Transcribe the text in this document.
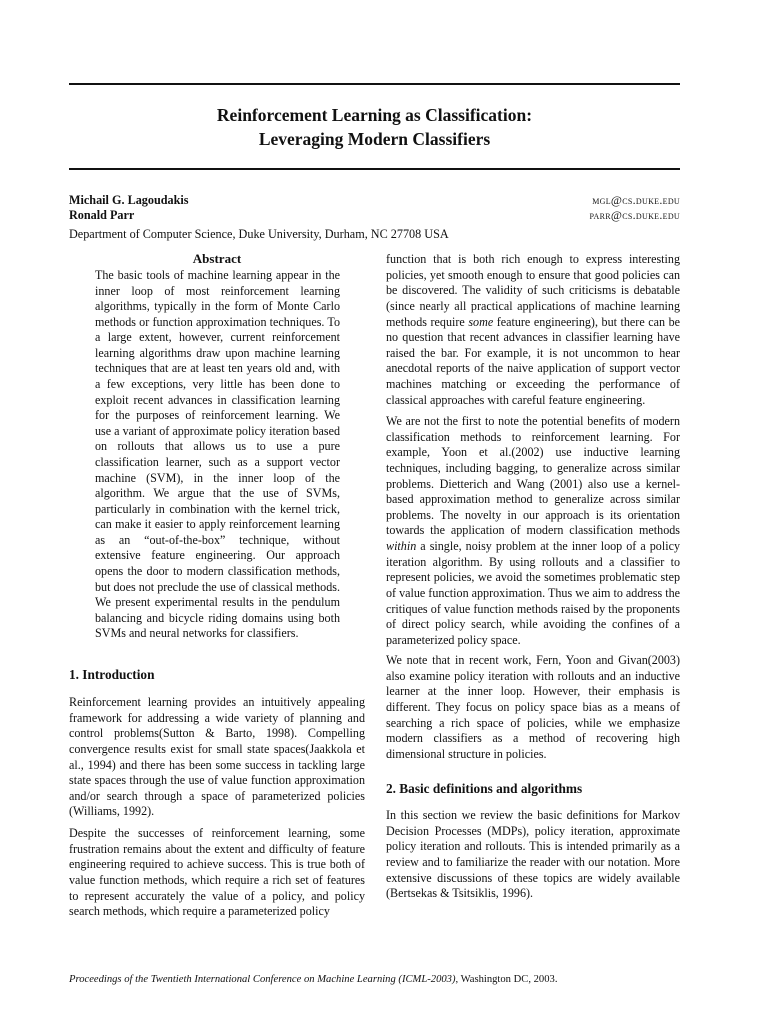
Reinforcement Learning as Classification:
Leveraging Modern Classifiers
Michail G. Lagoudakis	mgl@cs.duke.edu
Ronald Parr	parr@cs.duke.edu
Department of Computer Science, Duke University, Durham, NC 27708 USA
Abstract

The basic tools of machine learning appear in the inner loop of most reinforcement learning algorithms, typically in the form of Monte Carlo methods or function approximation techniques. To a large extent, however, current reinforcement learning algorithms draw upon machine learning techniques that are at least ten years old and, with a few exceptions, very little has been done to exploit recent advances in classification learning for the purposes of reinforcement learning. We use a variant of approximate policy iteration based on rollouts that allows us to use a pure classification learner, such as a support vector machine (SVM), in the inner loop of the algorithm. We argue that the use of SVMs, particularly in combination with the kernel trick, can make it easier to apply reinforcement learning as an “out-of-the-box” technique, without extensive feature engineering. Our approach opens the door to modern classification methods, but does not preclude the use of classical methods. We present experimental results in the pendulum balancing and bicycle riding domains using both SVMs and neural networks for classifiers.

1. Introduction

Reinforcement learning provides an intuitively appealing framework for addressing a wide variety of planning and control problems(Sutton & Barto, 1998). Compelling convergence results exist for small state spaces(Jaakkola et al., 1994) and there has been some success in tackling large state spaces through the use of value function approximation and/or search through a space of parameterized policies (Williams, 1992).

Despite the successes of reinforcement learning, some frustration remains about the extent and difficulty of feature engineering required to achieve success. This is true both of value function methods, which require a rich set of features to represent accurately the value of a policy, and policy search methods, which require a parameterized policy

function that is both rich enough to express interesting policies, yet smooth enough to ensure that good policies can be discovered. The validity of such criticisms is debatable (since nearly all practical applications of machine learning methods require some feature engineering), but there can be no question that recent advances in classifier learning have raised the bar. For example, it is not uncommon to hear anecdotal reports of the naive application of support vector machines matching or exceeding the performance of classical approaches with careful feature engineering.

We are not the first to note the potential benefits of modern classification methods to reinforcement learning. For example, Yoon et al.(2002) use inductive learning techniques, including bagging, to generalize across similar problems. Dietterich and Wang (2001) also use a kernel-based approximation method to generalize across similar problems. The novelty in our approach is its orientation towards the application of modern classification methods within a single, noisy problem at the inner loop of a policy iteration algorithm. By using rollouts and a classifier to represent policies, we avoid the sometimes problematic step of value function approximation. Thus we aim to address the critiques of value function methods raised by the proponents of direct policy search, while avoiding the confines of a parameterized policy space.

We note that in recent work, Fern, Yoon and Givan(2003) also examine policy iteration with rollouts and an inductive learner at the inner loop. However, their emphasis is different. They focus on policy space bias as a means of searching a rich space of policies, while we emphasize modern classifiers as a method of recovering high dimensional structure in policies.

2. Basic definitions and algorithms

In this section we review the basic definitions for Markov Decision Processes (MDPs), policy iteration, approximate policy iteration and rollouts. This is intended primarily as a review and to familiarize the reader with our notation. More extensive discussions of these topics are widely available (Bertsekas & Tsitsiklis, 1996).

Proceedings of the Twentieth International Conference on Machine Learning (ICML-2003), Washington DC, 2003.
